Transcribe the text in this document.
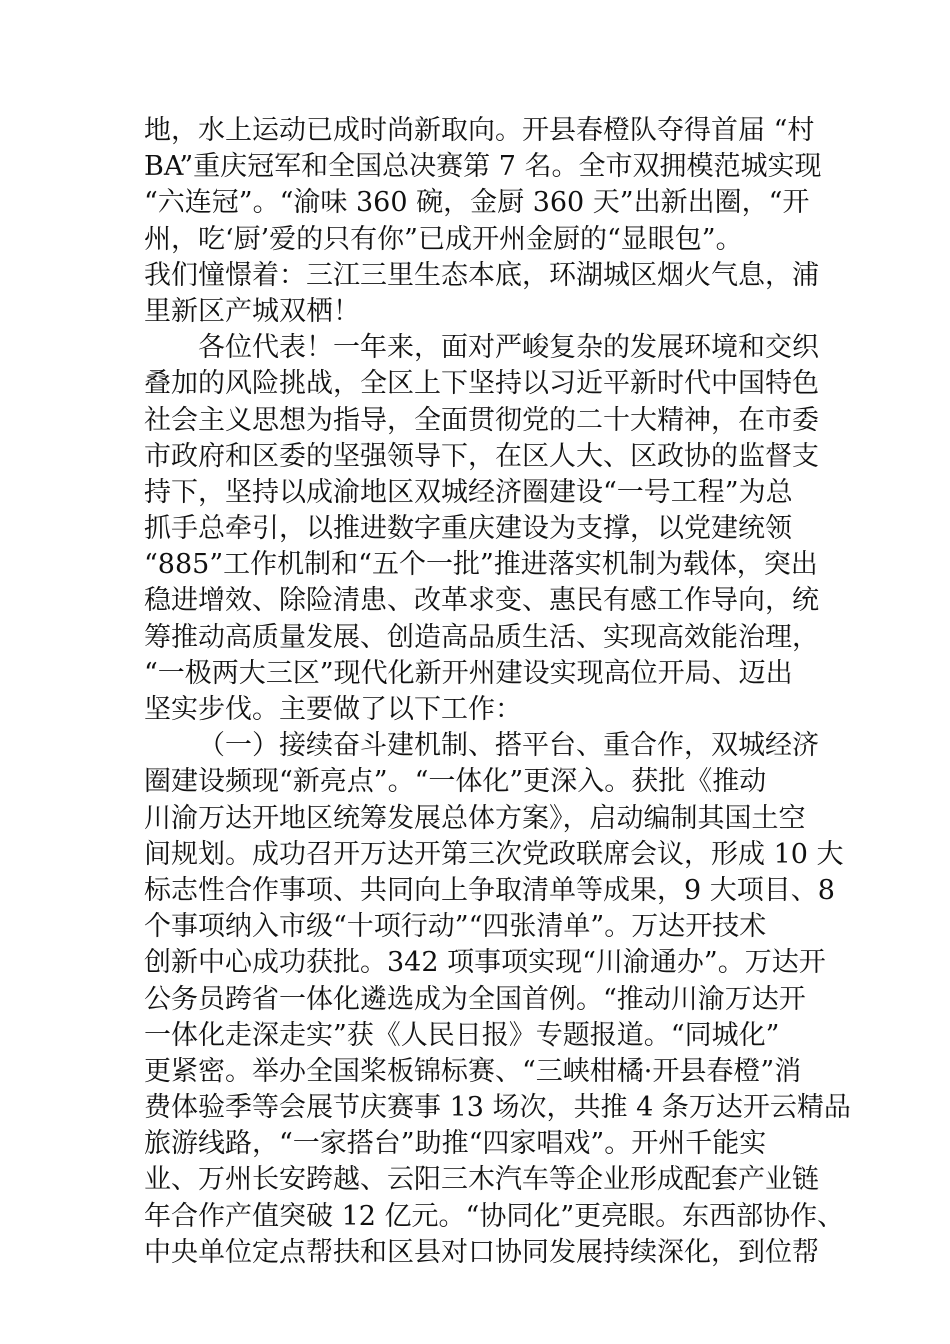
地，水上运动已成时尚新取向。开县春橙队夺得首届 “村
BA”重庆冠军和全国总决赛第 7 名。全市双拥模范城实现
“六连冠”。“渝味 360 碗，金厨 360 天”出新出圈，“开
州，吃‘厨’爱的只有你”已成开州金厨的“显眼包”。
我们憧憬着：三江三里生态本底，环湖城区烟火气息，浦
里新区产城双栖！
各位代表！一年来，面对严峻复杂的发展环境和交织
叠加的风险挑战，全区上下坚持以习近平新时代中国特色
社会主义思想为指导，全面贯彻党的二十大精神，在市委
市政府和区委的坚强领导下，在区人大、区政协的监督支
持下，坚持以成渝地区双城经济圈建设“一号工程”为总
抓手总牵引，以推进数字重庆建设为支撑，以党建统领
“885”工作机制和“五个一批”推进落实机制为载体，突出
稳进增效、除险清患、改革求变、惠民有感工作导向，统
筹推动高质量发展、创造高品质生活、实现高效能治理，
“一极两大三区”现代化新开州建设实现高位开局、迈出
坚实步伐。主要做了以下工作：
（一）接续奋斗建机制、搭平台、重合作，双城经济
圈建设频现“新亮点”。“一体化”更深入。获批《推动
川渝万达开地区统筹发展总体方案》，启动编制其国土空
间规划。成功召开万达开第三次党政联席会议，形成 10 大
标志性合作事项、共同向上争取清单等成果，9 大项目、8
个事项纳入市级“十项行动”“四张清单”。万达开技术
创新中心成功获批。342 项事项实现“川渝通办”。万达开
公务员跨省一体化遴选成为全国首例。“推动川渝万达开
一体化走深走实”获《人民日报》专题报道。“同城化”
更紧密。举办全国桨板锦标赛、“三峡柑橘·开县春橙”消
费体验季等会展节庆赛事 13 场次，共推 4 条万达开云精品
旅游线路，“一家搭台”助推“四家唱戏”。开州千能实
业、万州长安跨越、云阳三木汽车等企业形成配套产业链
年合作产值突破 12 亿元。“协同化”更亮眼。东西部协作、
中央单位定点帮扶和区县对口协同发展持续深化，到位帮
